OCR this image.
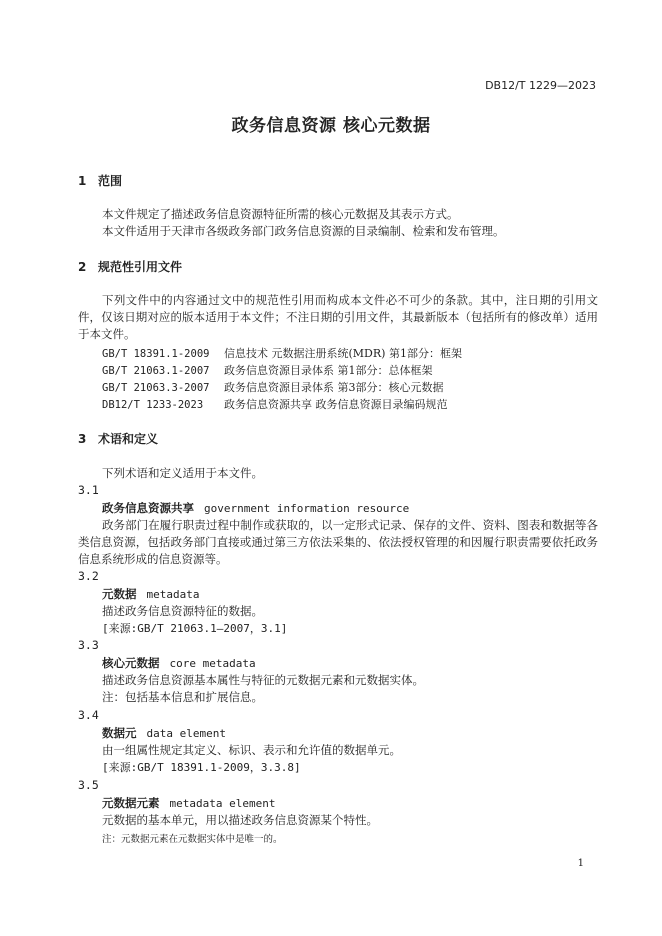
DB12/T 1229—2023
政务信息资源 核心元数据
1 范围
本文件规定了描述政务信息资源特征所需的核心元数据及其表示方式。
本文件适用于天津市各级政务部门政务信息资源的目录编制、检索和发布管理。
2 规范性引用文件
下列文件中的内容通过文中的规范性引用而构成本文件必不可少的条款。其中，注日期的引用文件，仅该日期对应的版本适用于本文件；不注日期的引用文件，其最新版本（包括所有的修改单）适用于本文件。
GB/T 18391.1-2009 信息技术 元数据注册系统(MDR) 第1部分：框架
GB/T 21063.1-2007 政务信息资源目录体系 第1部分：总体框架
GB/T 21063.3-2007 政务信息资源目录体系 第3部分：核心元数据
DB12/T 1233-2023 政务信息资源共享 政务信息资源目录编码规范
3 术语和定义
下列术语和定义适用于本文件。
3.1
政务信息资源共享 government information resource
政务部门在履行职责过程中制作或获取的，以一定形式记录、保存的文件、资料、图表和数据等各类信息资源，包括政务部门直接或通过第三方依法采集的、依法授权管理的和因履行职责需要依托政务信息系统形成的信息资源等。
3.2
元数据 metadata
描述政务信息资源特征的数据。
[来源:GB/T 21063.1—2007，3.1]
3.3
核心元数据 core metadata
描述政务信息资源基本属性与特征的元数据元素和元数据实体。
注：包括基本信息和扩展信息。
3.4
数据元 data element
由一组属性规定其定义、标识、表示和允许值的数据单元。
[来源:GB/T 18391.1-2009，3.3.8]
3.5
元数据元素 metadata element
元数据的基本单元，用以描述政务信息资源某个特性。
注：元数据元素在元数据实体中是唯一的。
1
